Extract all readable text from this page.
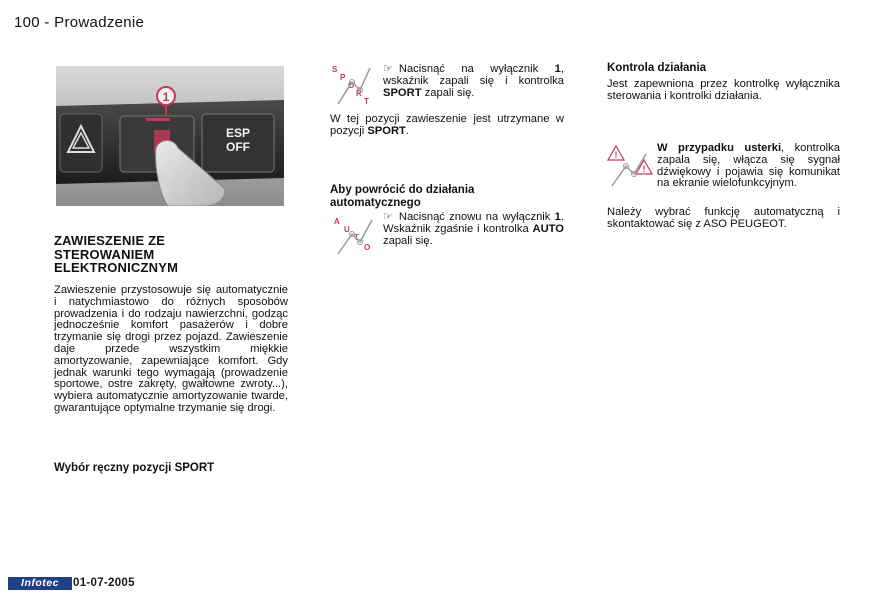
100 - Prowadzenie
ESP
OFF
1
ZAWIESZENIE ZE
STEROWANIEM
ELEKTRONICZNYM
Zawieszenie przystosowuje się automatycznie i natychmiastowo do różnych sposobów prowadzenia i do rodzaju nawierzchni, godząc jednocześnie komfort pasażerów i dobre trzymanie się drogi przez pojazd. Zawieszenie daje przede wszystkim miękkie amortyzowanie, zapewniające komfort. Gdy jednak warunki tego wymagają (prowadzenie sportowe, ostre zakręty, gwałtowne zwroty...), wybiera automatycznie amortyzowanie twarde, gwarantujące optymalne trzymanie się drogi.
Wybór ręczny pozycji SPORT
S
P
O
R
T
☞ Nacisnąć na wyłącznik 1, wskaźnik zapali się i kontrolka SPORT zapali się.
W tej pozycji zawieszenie jest utrzymane w pozycji SPORT.
Aby powrócić do działania automatycznego
A
U
T
O
☞ Nacisnąć znowu na wyłącznik 1. Wskaźnik zgaśnie i kontrolka AUTO zapali się.
Kontrola działania
Jest zapewniona przez kontrolkę wyłącznika sterowania i kontrolki działania.
!
!
W przypadku usterki, kontrolka zapala się, włącza się sygnał dźwiękowy i pojawia się komunikat na ekranie wielofunkcyjnym.
Należy wybrać funkcję automatyczną i skontaktować się z ASO PEUGEOT.
Infotec	01-07-2005
